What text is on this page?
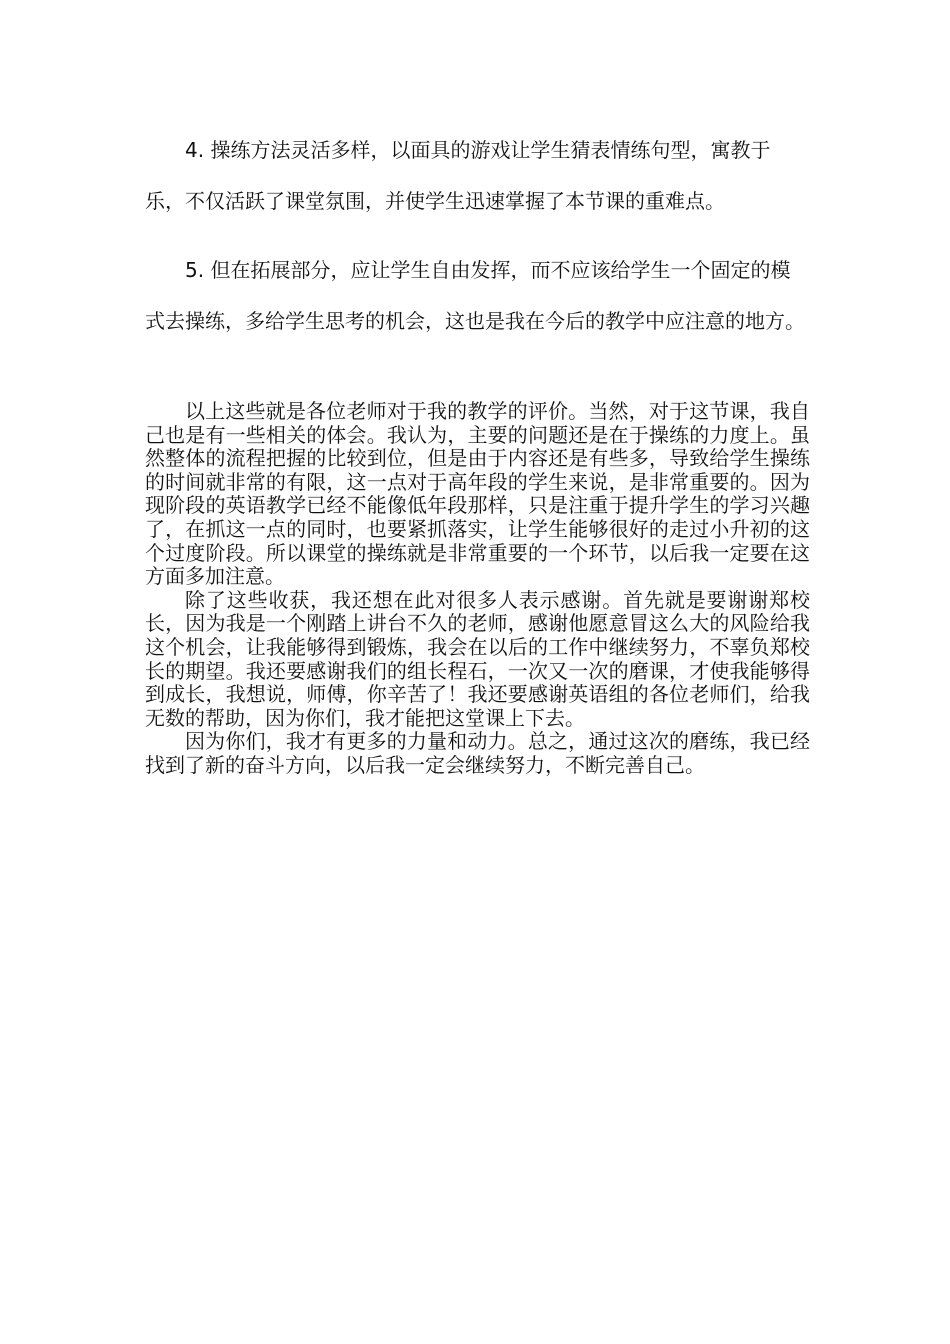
4. 操练方法灵活多样，以面具的游戏让学生猜表情练句型，寓教于乐，不仅活跃了课堂氛围，并使学生迅速掌握了本节课的重难点。

5. 但在拓展部分，应让学生自由发挥，而不应该给学生一个固定的模式去操练，多给学生思考的机会，这也是我在今后的教学中应注意的地方。

以上这些就是各位老师对于我的教学的评价。当然，对于这节课，我自己也是有一些相关的体会。我认为，主要的问题还是在于操练的力度上。虽然整体的流程把握的比较到位，但是由于内容还是有些多，导致给学生操练的时间就非常的有限，这一点对于高年段的学生来说，是非常重要的。因为现阶段的英语教学已经不能像低年段那样，只是注重于提升学生的学习兴趣了，在抓这一点的同时，也要紧抓落实，让学生能够很好的走过小升初的这个过度阶段。所以课堂的操练就是非常重要的一个环节，以后我一定要在这方面多加注意。

除了这些收获，我还想在此对很多人表示感谢。首先就是要谢谢郑校长，因为我是一个刚踏上讲台不久的老师，感谢他愿意冒这么大的风险给我这个机会，让我能够得到锻炼，我会在以后的工作中继续努力，不辜负郑校长的期望。我还要感谢我们的组长程石，一次又一次的磨课，才使我能够得到成长，我想说，师傅，你辛苦了！我还要感谢英语组的各位老师们，给我无数的帮助，因为你们，我才能把这堂课上下去。

因为你们，我才有更多的力量和动力。总之，通过这次的磨练，我已经找到了新的奋斗方向，以后我一定会继续努力，不断完善自己。
